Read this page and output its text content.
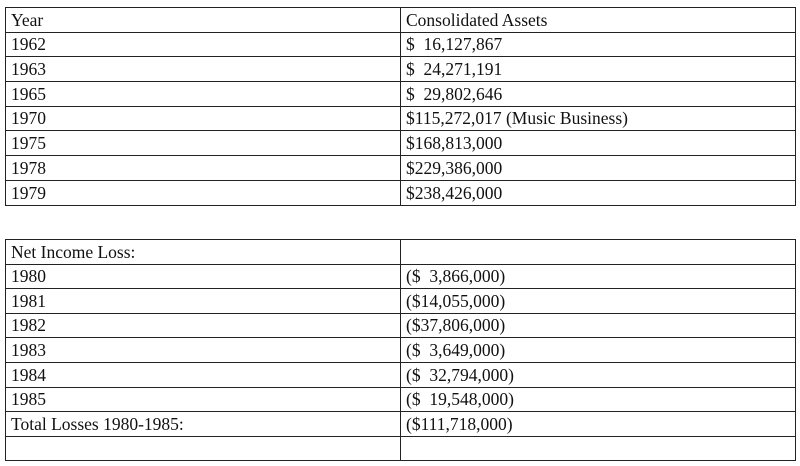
Year	Consolidated Assets
1962	$  16,127,867
1963	$  24,271,191
1965	$  29,802,646
1970	$115,272,017 (Music Business)
1975	$168,813,000
1978	$229,386,000
1979	$238,426,000
Net Income Loss:	
1980	($  3,866,000)
1981	($14,055,000)
1982	($37,806,000)
1983	($  3,649,000)
1984	($  32,794,000)
1985	($  19,548,000)
Total Losses 1980-1985:	($111,718,000)
